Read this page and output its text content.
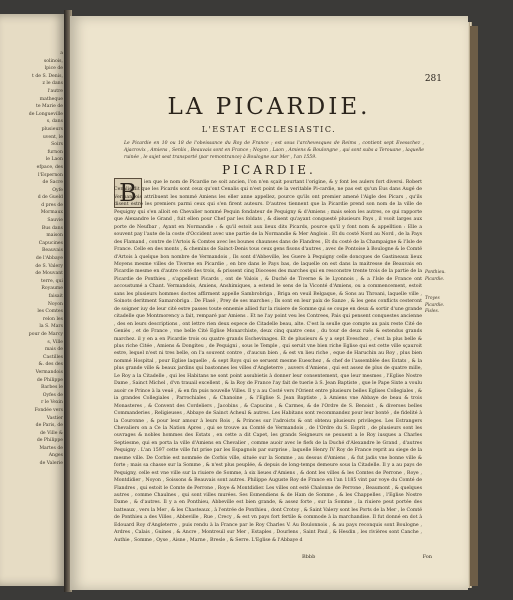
a
solinois,
lpice de
t de S. Denis,
z le dans
l'autre
matheque
te Marie de
de Longueville
s, dans
plusieurs
uvent, le
Soirs
furnon
le Laon
efpace, des
l'Espernon
de Sacre
Oyfe
d de Gueld
d pres de
Mormaux
Sauvie
Bus dans
maison
Capucines
Beauvais
de l'Abbaye
de S. Valery
de Mouvant
terre, qui
Royaume
faisait
Noyon
les Comtes
relon les
la S. Mars
pour de Marcy
s, Ville
mais de
Castilles
&. des des
Vermandois
de Philippe
Barbes le
Oyfes de
r le Vexin
Fondée vers
Vastier
de Paris, de
de Ville &
de Philippe
Martes de
Anges
de Valerie
281
LA PICARDIE.
L'ESTAT ECCLESIASTIC.
Le Picardie en 10 ou 18 de l'obeissance du Roy de France ; est sous l'archevesques de Reims , contient sept Evesschez , Ajacrovix , Amiens , Senlis , Beauvais sont en France ; Noyon , Laon , Amiens & Boulongne , qui sont subs a Terouane , laquelle ruinée , le sujet sest transporté (par remontrance) à Boulogne sur Mer , l'an 1559.
PICARDIE.
B	ien que le nom de Picardie ne soit ancien, l'on n'en sçait pourtant l'origine, & y font les aulers fort diversi. Robert Cenalis dit que les Picards sont ceux qu'ont Cenalis qui n'est point de la veritable Pi-cardie, ne pas est qu'un Eus dans Augé de Vermandois attribuent les nommé Amiens les eller anne appellez, pource qu'ils ont premier amené l'Aigle des Picars , qu'ils disent estre les premiers parmi ceux qui s'en firent auteurs. D'autres tiennent que la Picardie prend son nom de la ville de Pequigny qui s'en alloit en Chevalier nommé Pequin fondateur de Pequigny & d'Amiens ; mais selon les autres, ce qui rapporte que Alexandre le Grand , fuit ellen pour Chef par les foldats , & disent qu'ayant conquesté plusieurs Pays , il vsoit larges aux porte de Neufbar , Ayant en Normandie : & qu'il estoit aux lieux dits Picards, pource qu'il y font nom & appelltion : Elle a souvent pay l'aute de la coste d'Occident avec une partie de la Normandie & Mer Anglois . Et du costé Nord au Nord , de la Pays des Flamand , contre de l'Artois & Comtes avec les bounes chaunses dans de Flandres , Et du costé de la Champaigne & l'Isle de France. Celle en des monts , & chemins de Sainct-Denis tous ceux gens fisons d'autres , avec de Pontoise à Boulogne & le Comté d'Artois à quelque bon nombre de Vermandois , Ils sont d'Abbeville, les Guere à Pequigny celle doncques de Gastineaux lieux Moyens mesme villes de Tiverne en Picardie , en bre dans le Pays bas, de laquelle on est dans la maitresse de Beauvais en Picardie mesme en d'autre costé des trois, & prissent cinq Dioceses des marches qui en resconstre trente trois de la partie de la Picardie de Ponthieu , s'appellent Picards , ont de Valois , & Duché de Tiverne & le Lyonnois , & a l'Isle de France ont accoustumé a Chant. Vermandois, Amiens, Anshimiques, a estend le sens de la Viconté d'Amiens, ou a commencement, estoit sans les plusieurs hommes doctes affirment appelle Sambrobriga , Briga en veuil Belgaque, & Sons au Throani, laquelle ville , Soinots deritment Samarobriga . De Flasé , Prey de ses marches ; Ils sont en leur paix de Sanze , & les gens conflicts cesteront de soigner iuy de leur cité estre passes toute ennemie allied fur la riuiere de Somme qui se coupe en deux & sortir d'une grande citadelle que Montmorency a fait, remparé par Amiens . Et ne l'ay point veu les Contrees, Pais qui pensent conquestes ancienne , des en leurs descriptions , ont lettre rien deux espece de Citadelle beau, alte. C'est la seulle que compte au paix reste Cité de Geniès , et de France , vne belle Cité Eglise Monarchiste, deux cinq quatre cens , du tour de deux ruës & estendus grands marchez. il y en a en Picardie trois ou quatre grands Eschevinages. Et de plusieurs & y a sept Eveschez , c'est la plus belle & plus riche Citée , Amiens & Dongiteu , de Pequigni , sous le Temple , qui seruit vne bien riche Eglise qui est cette ville sçauroit estre, lequel n'est ni tres belle, on l'a souvent contre , d'aucun bien , & est vn lieu riche , eque de Haruchin au Roy , plus bien nommé Hospital , pour Eglise laquelle , & sept Roys qui se seruent mesme Eueschez , & chef de l'assemblée des Estats , & la plus grande ville & beaux jardins qui bastonnes les villes d'Angleterre , auvers d'Amiens , qui est assez de plus de quatre mille, Le Roy a la Citadelle , qui les Habitans ne sont point assubietis à donner leur consentement, que leur mesmes , l'Eglise Nostre Dame , Sainct Michel , d'vn trauail excellent , & la Roy de France l'ay fait de tuerie à S. Jean Baptiste , que le Pape Sixte a voulu auoir ce Prince à la veuë , & en fin puis nouvelle Villes. Il y a au Costé vers l'Orient entre plusieurs belles Eglises Collegiales , & ia grandes Collegiales , Parrochiales , & Chanoine , & l'Eglise S. Jean Baptiste , à Amiens vne Abbaye de beau & trois Monasteres , & Convent des Cordeliers , Jacobins , & Capucins , & Carmes, & de l'Ordre de S. Benoist , & diverses belles Commanderies , Religieuses , Abbaye de Sainct Acheul & autres. Les Habitans sont recommandez pour leur bonté , de fidelité à la Couronne , & pour leur amour à leurs Rois , & Princes sur l'adroicts & ont obtenu plusieurs privileges. Les Estrangers Chevaliers on a Ce la Nation Apres , qui se trouve au Comté de Vermandois , de l'Ordre du S. Esprit , de plusieurs sont les ouvrages & nobles hommes des Estats , en cette a dit Capet, les grands Seigneurs se peuuent a le Roy iusques a Charles Septiesme, qui en porta la ville d'Amiens en Chevalier , comme auoir avec le fiefs de la Duché d'Alexandre le Grand , d'autres Pequigny . L'an 1597 cette ville fut prise par les Espagnols par surprise , laquelle Henry IV Roy de France reprit au siege de la mesme ville. De Corbie est nommée de Corbis ville, située sur la Somme , au dessus d'Amiens , & fut jadis vne bonne ville & forte ; mais sa chasse sur la Somme , & n'est plus peuplée, & depuis de long-temps demeure sous la Citadelle. Il y a au pays de Pequigny, celle est vne ville sur la riuiere de Somme, à six lieues d'Amiens , & dont les villes & les Comtes de Perrone , Roye , Montdidier , Noyon , Soissons & Beauvais sont autres. Philippe Auguste Roy de France en l'an 1185 vint par voye du Comté de Flandres , qui estoit le Comte de Perrone , Roye & Montdidier. Les villes ont esté Chalonne de Perrone , Beaumont , & quelques autres , comme Chaulnes , qui sont villes murées. Ses Esmendiens & de Ham de Somme , & les Chappelles , l'Eglise Nostre Dame , & d'autres. Il y a en Ponthieu, Abbeville est bien grande, & assez forte , sur la Somme , la riuiere peut portée des batteaux , vers la Mer , & les Chasteaux , à l'entrée de Ponthieu , dont Crotoy , & Saint Valery sont les Ports de la Mer , le Comté de Ponthieu a des Villes , Abbeville , Rue , Crecy , & est vn pays fort fertile & commode à la marchandise. Il fut donné en dot à Edouard Roy d'Angleterre , puis rendu à la France par le Roy Charles V. Au Boulonnois , & au pays reconquis sont Boulogne , Ardres , Calais , Guines , & Ancre , Montreuil sur Mer , Estaples , Dourlens , Saint Paul , & Hesdin , les rivières sont Canche , Authie , Somme , Oyse , Aisne , Marne , Bresle , & Serre. L'Eglise & l'Abbaye d
Ponthieu.
Picardie.

Troyes
Picardie.
Fisles.
Bbbb	Fon
